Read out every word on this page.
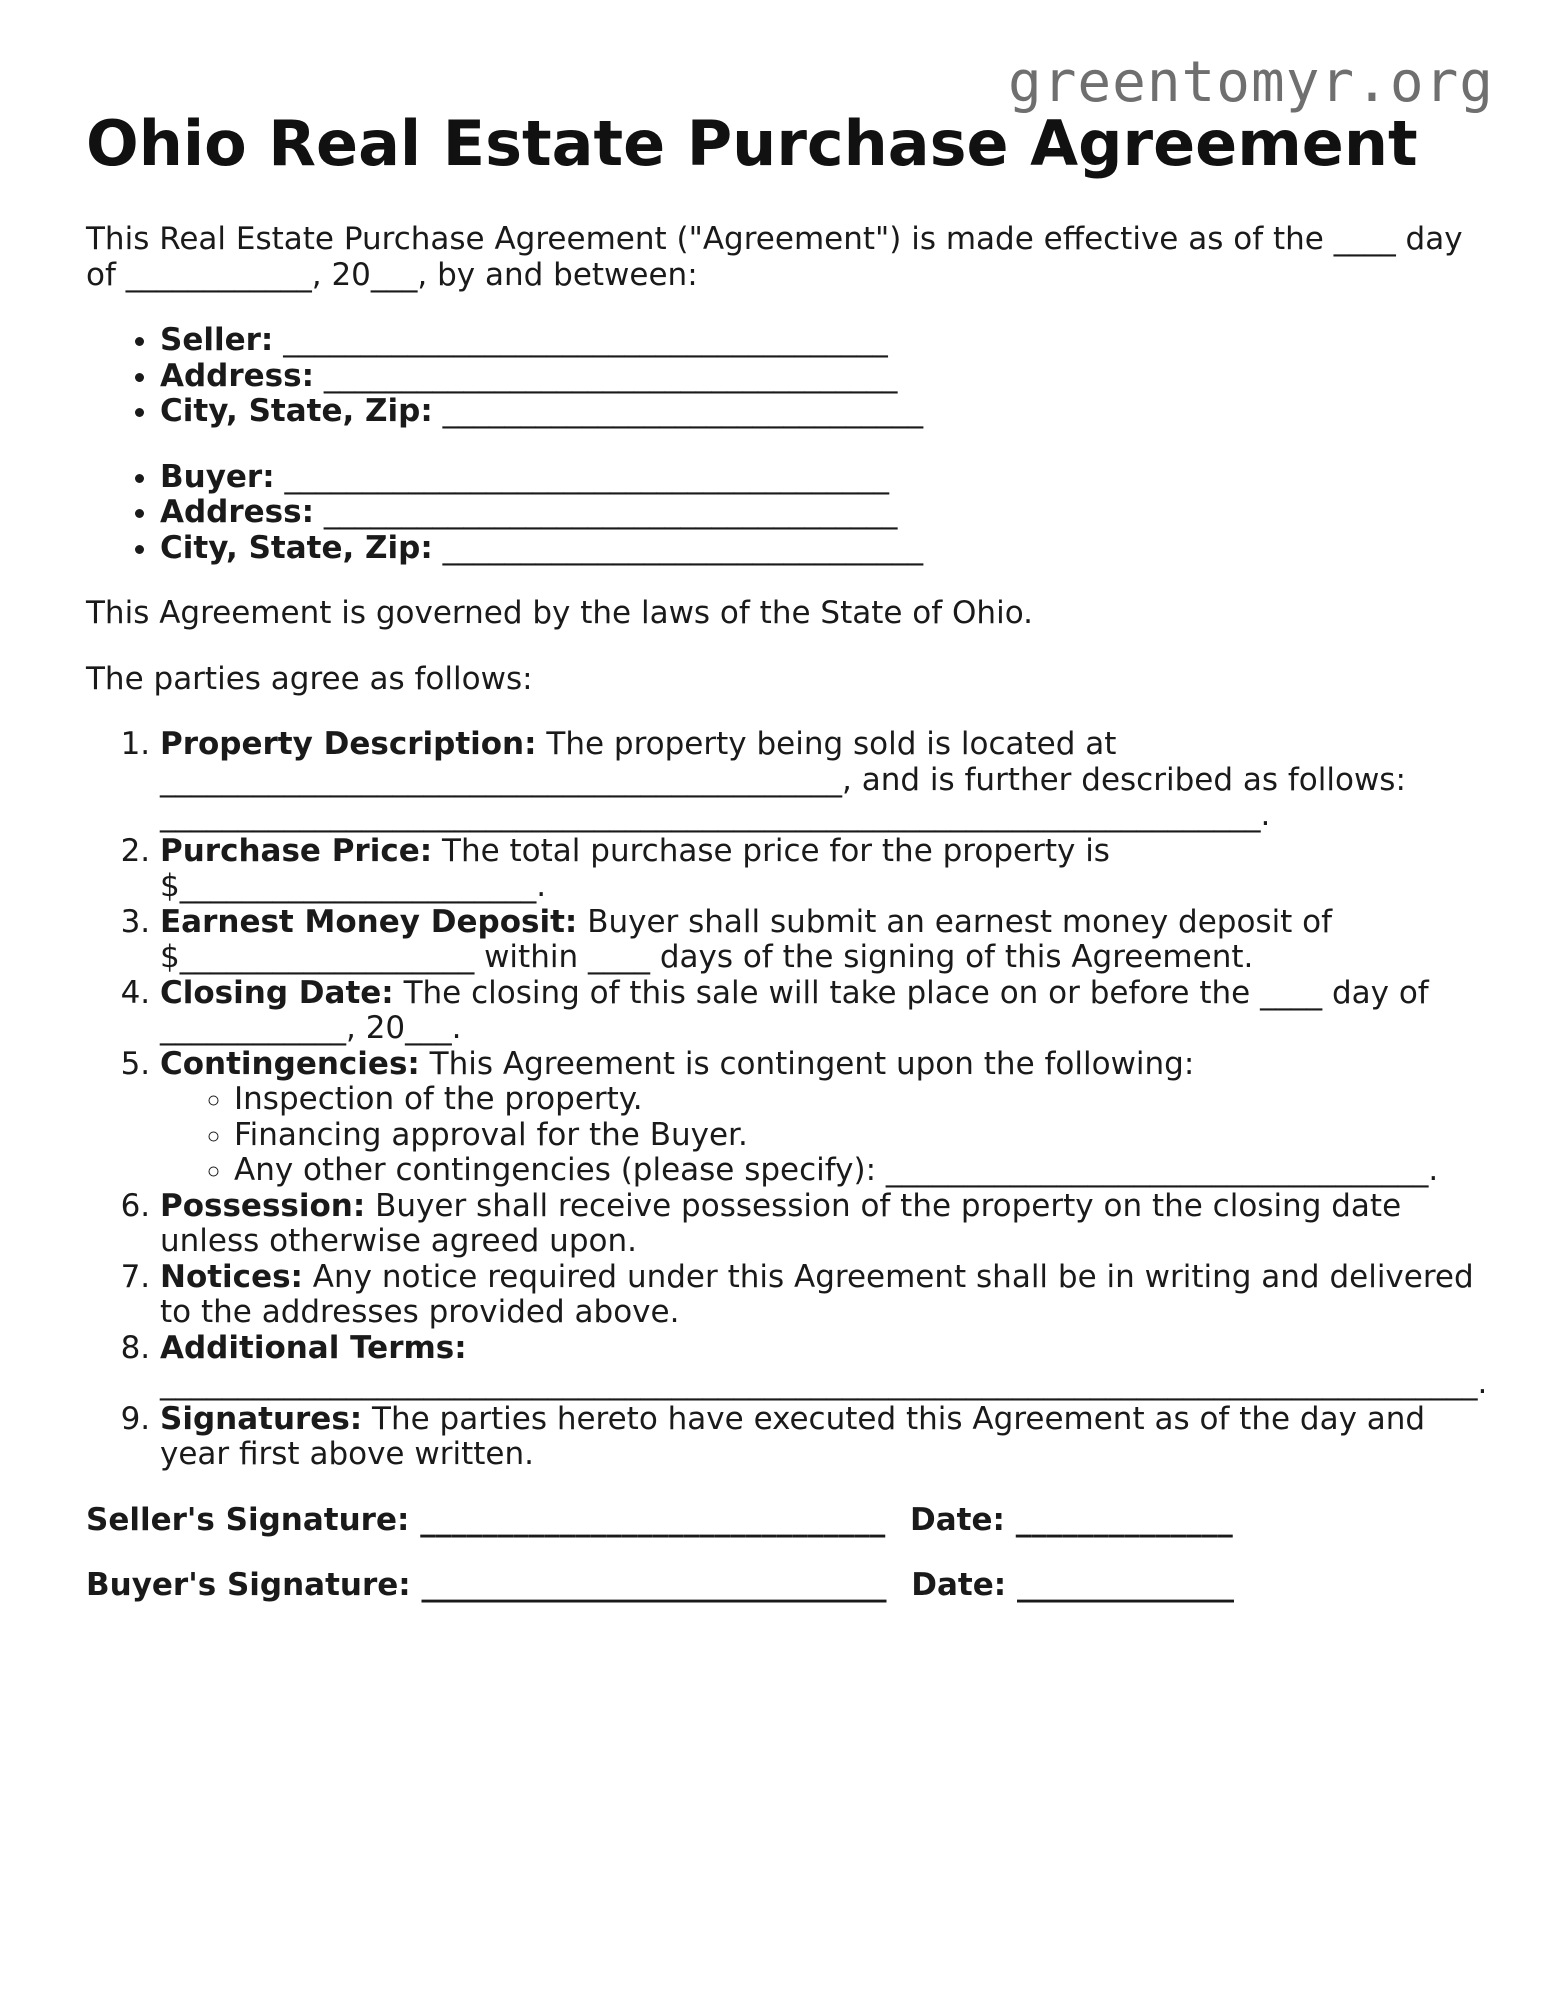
greentomyr.org
Ohio Real Estate Purchase Agreement

This Real Estate Purchase Agreement ("Agreement") is made effective as of the ____ day of ____________, 20___, by and between:

• Seller: _______________________________________
• Address: _____________________________________
• City, State, Zip: _______________________________
• Buyer: _______________________________________
• Address: _____________________________________
• City, State, Zip: _______________________________

This Agreement is governed by the laws of the State of Ohio.

The parties agree as follows:

1. Property Description: The property being sold is located at ____________________________________________, and is further described as follows: _______________________________________________________________________.
2. Purchase Price: The total purchase price for the property is $_______________________.
3. Earnest Money Deposit: Buyer shall submit an earnest money deposit of $___________________ within ____ days of the signing of this Agreement.
4. Closing Date: The closing of this sale will take place on or before the ____ day of ____________, 20___.
5. Contingencies: This Agreement is contingent upon the following:
◦ Inspection of the property.
◦ Financing approval for the Buyer.
◦ Any other contingencies (please specify): ___________________________________.
6. Possession: Buyer shall receive possession of the property on the closing date unless otherwise agreed upon.
7. Notices: Any notice required under this Agreement shall be in writing and delivered to the addresses provided above.
8. Additional Terms: _____________________________________________________________________________________.
9. Signatures: The parties hereto have executed this Agreement as of the day and year first above written.

Seller's Signature: ______________________________ Date: ______________

Buyer's Signature: ______________________________ Date: ______________
